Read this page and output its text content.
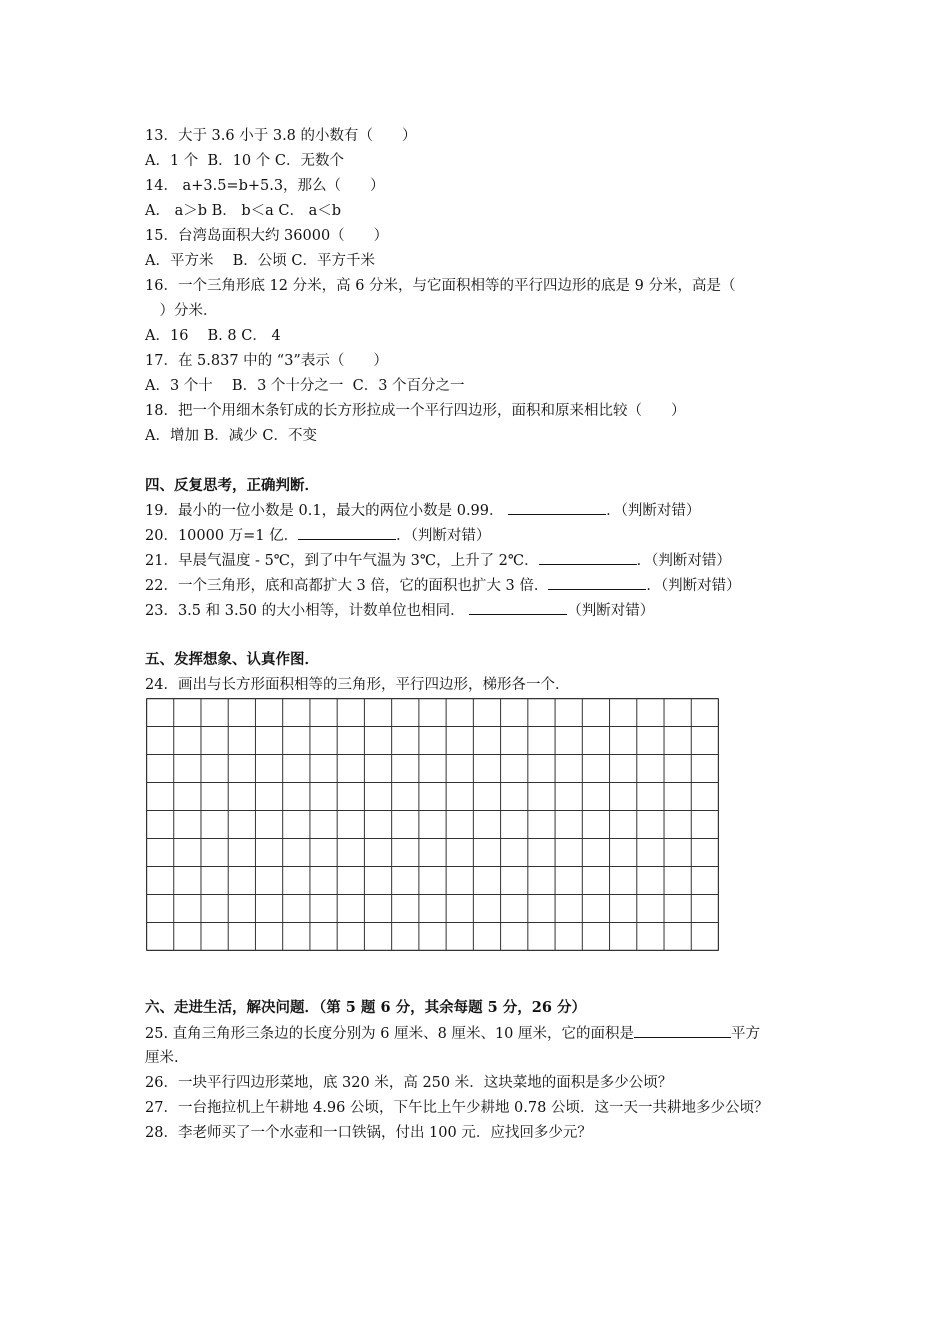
13．大于 3.6 小于 3.8 的小数有（　　）
A．1 个  B．10 个 C．无数个
14． a+3.5=b+5.3，那么（　　）
A． a＞b B． b＜a C． a＜b
15．台湾岛面积大约 36000（　　）
A．平方米　 B．公顷 C．平方千米
16．一个三角形底 12 分米，高 6 分米，与它面积相等的平行四边形的底是 9 分米，高是（
　）分米．
A．16　 B. 8 C． 4
17．在 5.837 中的 “3”表示（　　）
A．3 个十　 B．3 个十分之一  C．3 个百分之一
18．把一个用细木条钉成的长方形拉成一个平行四边形，面积和原来相比较（　　）
A．增加 B．减少 C．不变
四、反复思考，正确判断．
19．最小的一位小数是 0.1，最大的两位小数是 0.99．	．（判断对错）
20．10000 万=1 亿．	．（判断对错）
21．早晨气温度 - 5℃，到了中午气温为 3℃，上升了 2℃．	．（判断对错）
22．一个三角形，底和高都扩大 3 倍，它的面积也扩大 3 倍．	．（判断对错）
23．3.5 和 3.50 的大小相等，计数单位也相同．	（判断对错）
五、发挥想象、认真作图．
24．画出与长方形面积相等的三角形，平行四边形，梯形各一个．
六、走进生活，解决问题．（第 5 题 6 分，其余每题 5 分，26 分）
25. 直角三角形三条边的长度分别为 6 厘米、8 厘米、10 厘米，它的面积是	平方
厘米.
26．一块平行四边形菜地，底 320 米，高 250 米．这块菜地的面积是多少公顷？
27．一台拖拉机上午耕地 4.96 公顷，下午比上午少耕地 0.78 公顷．这一天一共耕地多少公顷？
28．李老师买了一个水壶和一口铁锅，付出 100 元．应找回多少元？
